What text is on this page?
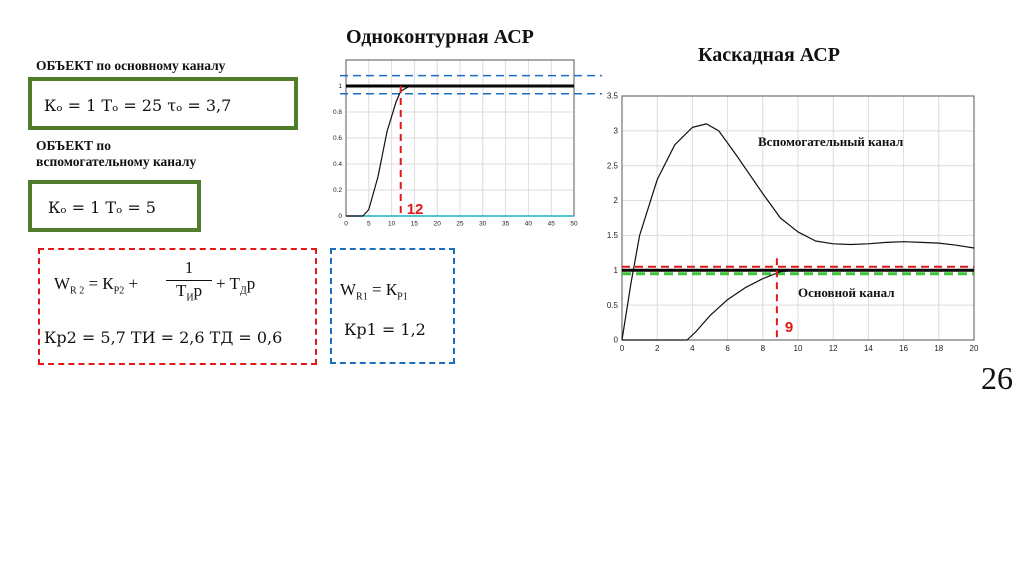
Одноконтурная АСР
Каскадная АСР
ОБЪЕКТ по основному каналу
Кₒ = 1 Tₒ = 25 τₒ = 3,7
ОБЪЕКТ по
вспомогательному каналу
Кₒ = 1 Tₒ = 5
$W_{R 2} = К_{Р2}$ +
1
$T_Иp + T_Дp$
Кр2 = 5,7 TИ = 2,6 TД = 0,6
$W_{R1} = К_{Р1}$
Кр1 = 1,2
0	5	10 15 20 25 30 35 40 45 50
0
0.2
0.4
0.6
0.8
1
12
0	2	4	6	8	10	12	14	16	18	20
0
0.5
1
1.5
2
2.5
3
3.5
9
Вспомогательный канал
Основной канал
26
